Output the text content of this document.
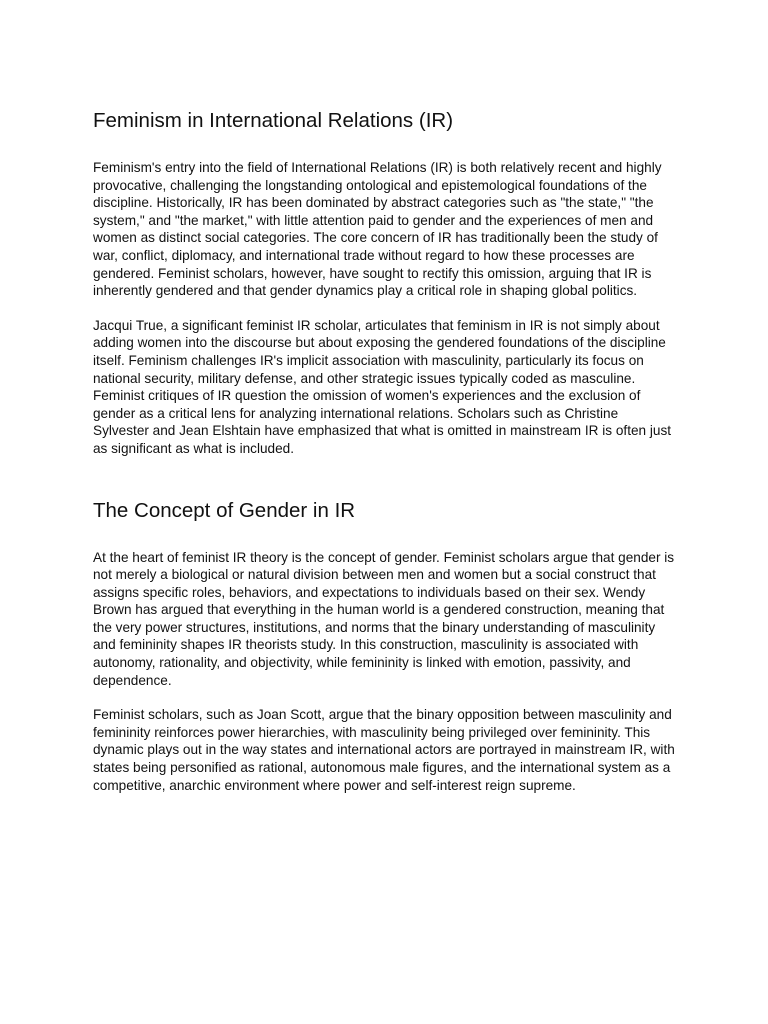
Feminism in International Relations (IR)

Feminism's entry into the field of International Relations (IR) is both relatively recent and highly provocative, challenging the longstanding ontological and epistemological foundations of the discipline. Historically, IR has been dominated by abstract categories such as "the state," "the system," and "the market," with little attention paid to gender and the experiences of men and women as distinct social categories. The core concern of IR has traditionally been the study of war, conflict, diplomacy, and international trade without regard to how these processes are gendered. Feminist scholars, however, have sought to rectify this omission, arguing that IR is inherently gendered and that gender dynamics play a critical role in shaping global politics.

Jacqui True, a significant feminist IR scholar, articulates that feminism in IR is not simply about adding women into the discourse but about exposing the gendered foundations of the discipline itself. Feminism challenges IR's implicit association with masculinity, particularly its focus on national security, military defense, and other strategic issues typically coded as masculine. Feminist critiques of IR question the omission of women's experiences and the exclusion of gender as a critical lens for analyzing international relations. Scholars such as Christine Sylvester and Jean Elshtain have emphasized that what is omitted in mainstream IR is often just as significant as what is included.

The Concept of Gender in IR

At the heart of feminist IR theory is the concept of gender. Feminist scholars argue that gender is not merely a biological or natural division between men and women but a social construct that assigns specific roles, behaviors, and expectations to individuals based on their sex. Wendy Brown has argued that everything in the human world is a gendered construction, meaning that the very power structures, institutions, and norms that the binary understanding of masculinity and femininity shapes IR theorists study. In this construction, masculinity is associated with autonomy, rationality, and objectivity, while femininity is linked with emotion, passivity, and dependence.

Feminist scholars, such as Joan Scott, argue that the binary opposition between masculinity and femininity reinforces power hierarchies, with masculinity being privileged over femininity. This dynamic plays out in the way states and international actors are portrayed in mainstream IR, with states being personified as rational, autonomous male figures, and the international system as a competitive, anarchic environment where power and self-interest reign supreme.
